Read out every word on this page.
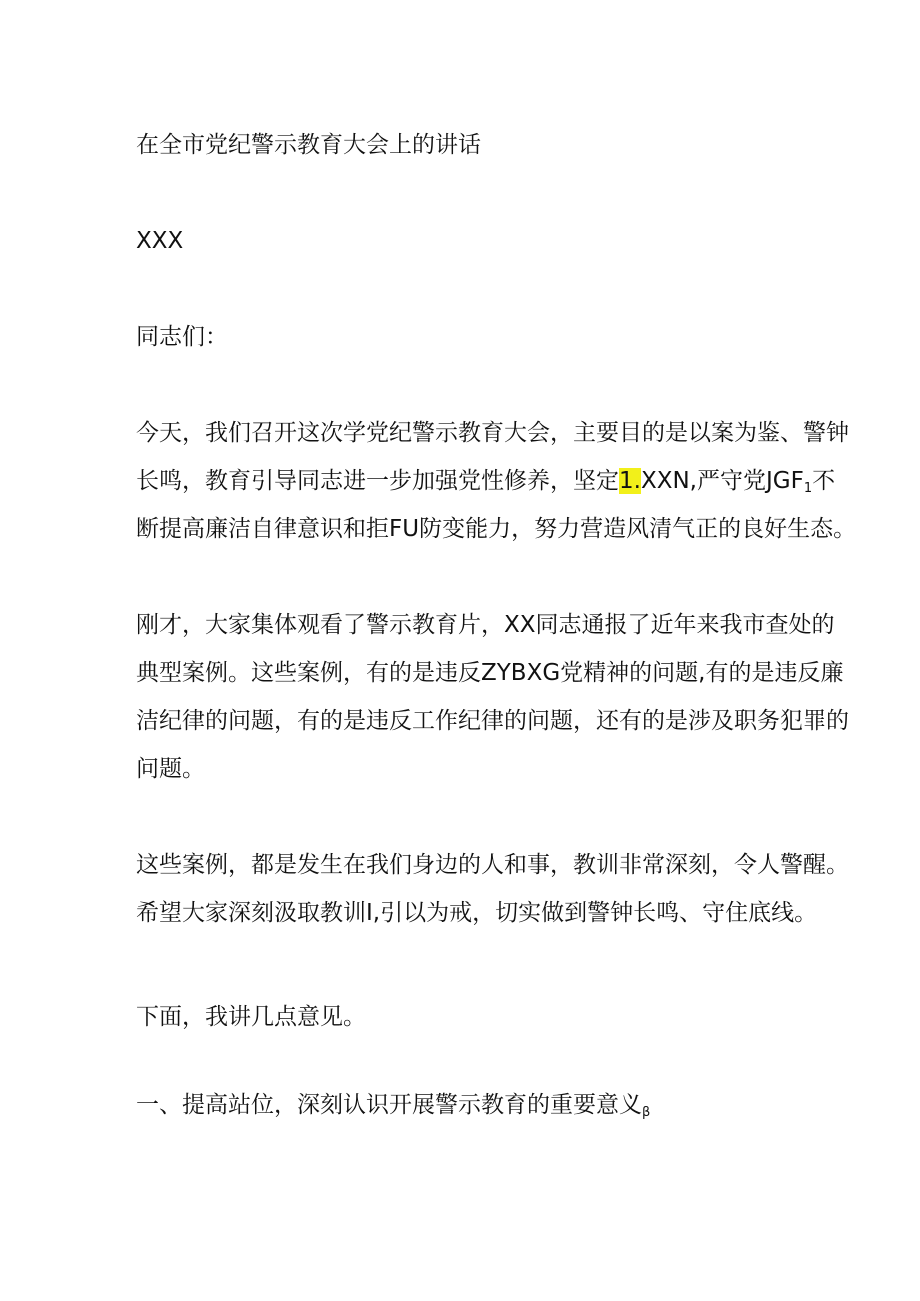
在全市党纪警示教育大会上的讲话
XXX
同志们：
今天，我们召开这次学党纪警示教育大会，主要目的是以案为鉴、警钟
长鸣，教育引导同志进一步加强党性修养，坚定1.XXN,严守党$JGF_1$不
断提高廉洁自律意识和拒FU防变能力，努力营造风清气正的良好生态。
刚才，大家集体观看了警示教育片，XX同志通报了近年来我市查处的
典型案例。这些案例，有的是违反ZYBXG党精神的问题,有的是违反廉
洁纪律的问题，有的是违反工作纪律的问题，还有的是涉及职务犯罪的
问题。
这些案例，都是发生在我们身边的人和事，教训非常深刻，令人警醒。
希望大家深刻汲取教训I,引以为戒，切实做到警钟长鸣、守住底线。
下面，我讲几点意见。
一、提高站位，深刻认识开展警示教育的重要意义$_\beta$
